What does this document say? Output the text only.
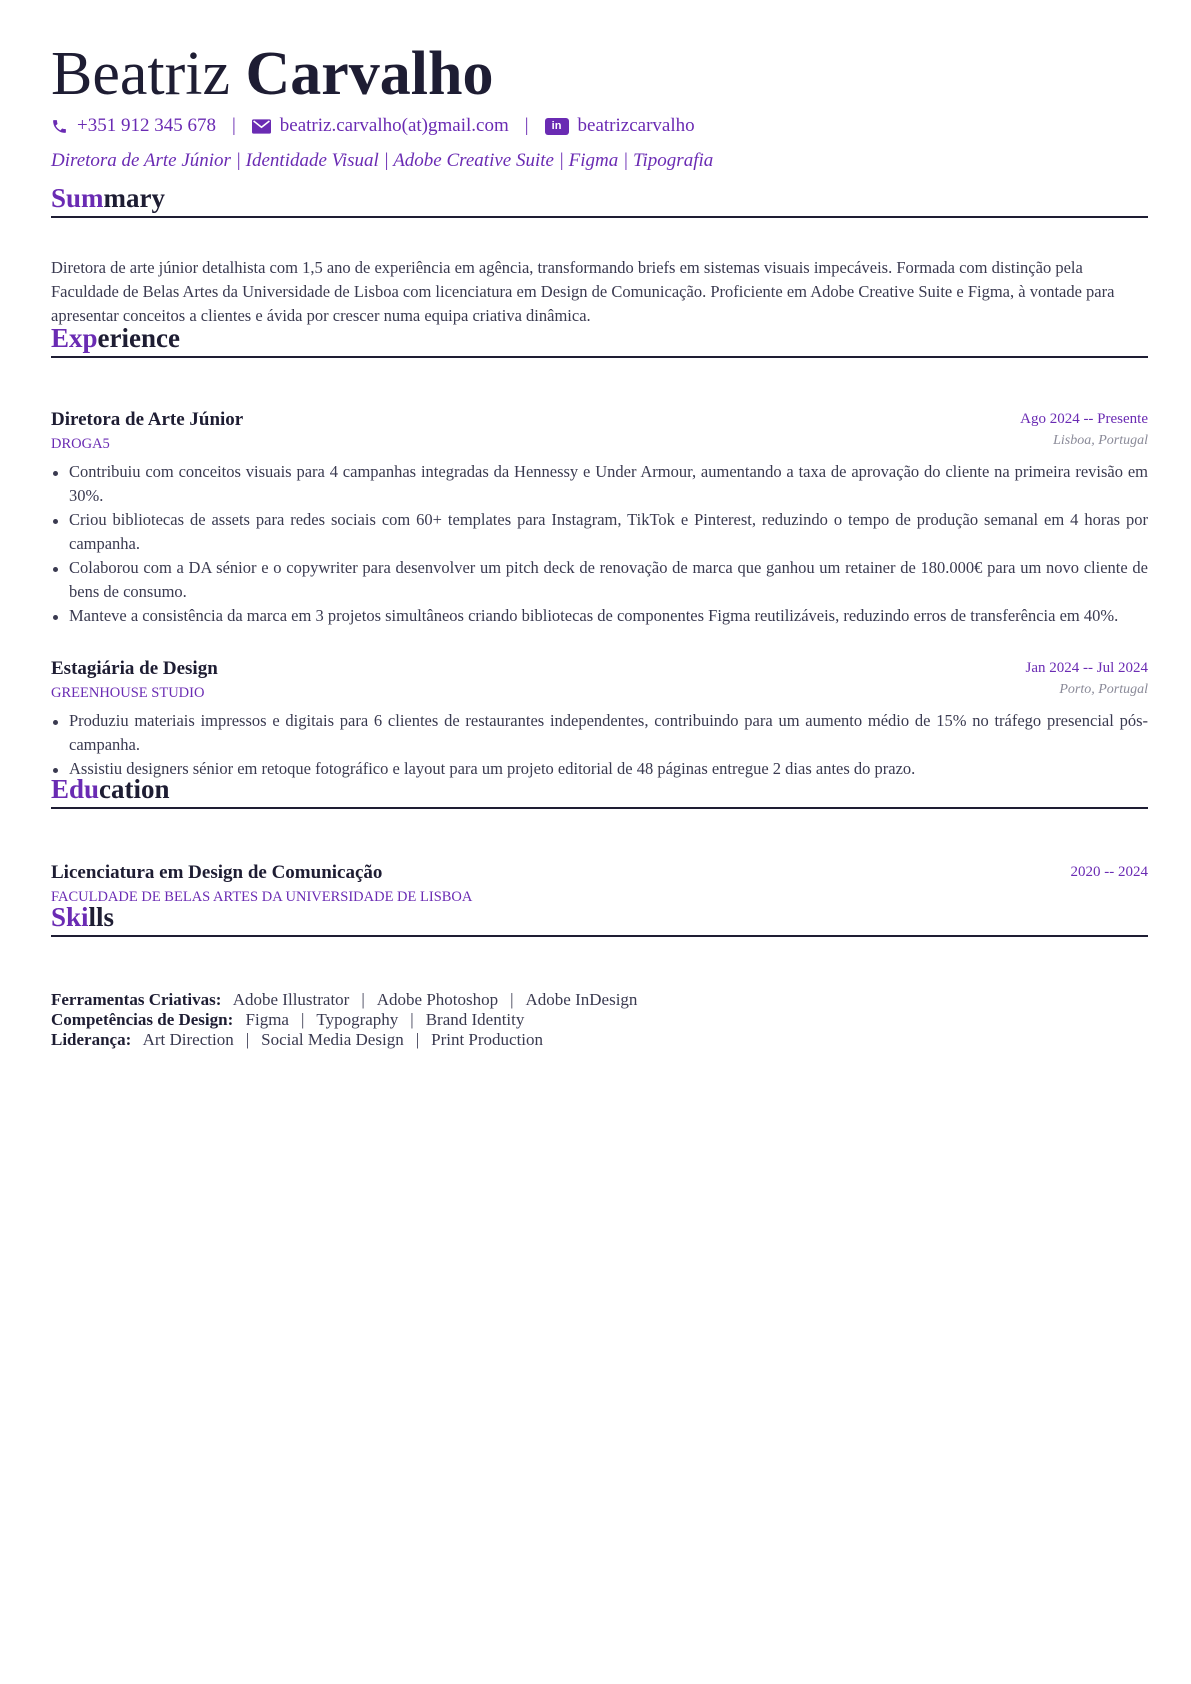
Beatriz Carvalho
+351 912 345 678 | beatriz.carvalho(at)gmail.com |	in beatrizcarvalho
Diretora de Arte Júnior | Identidade Visual | Adobe Creative Suite | Figma | Tipografia
Summary

Diretora de arte júnior detalhista com 1,5 ano de experiência em agência, transformando briefs em sistemas visuais impecáveis. Formada com distinção pela Faculdade de Belas Artes da Universidade de Lisboa com licenciatura em Design de Comunicação. Proficiente em Adobe Creative Suite e Figma, à vontade para apresentar conceitos a clientes e ávida por crescer numa equipa criativa dinâmica.

Experience
Diretora de Arte Júnior	Ago 2024 -- Presente
DROGA5	Lisboa, Portugal
Contribuiu com conceitos visuais para 4 campanhas integradas da Hennessy e Under Armour, aumentando a taxa de aprovação do cliente na primeira revisão em 30%.
Criou bibliotecas de assets para redes sociais com 60+ templates para Instagram, TikTok e Pinterest, reduzindo o tempo de produção semanal em 4 horas por campanha.
Colaborou com a DA sénior e o copywriter para desenvolver um pitch deck de renovação de marca que ganhou um retainer de 180.000€ para um novo cliente de bens de consumo.
Manteve a consistência da marca em 3 projetos simultâneos criando bibliotecas de componentes Figma reutilizáveis, reduzindo erros de transferência em 40%.
Estagiária de Design	Jan 2024 -- Jul 2024
GREENHOUSE STUDIO	Porto, Portugal
Produziu materiais impressos e digitais para 6 clientes de restaurantes independentes, contribuindo para um aumento médio de 15% no tráfego presencial pós-campanha.
Assistiu designers sénior em retoque fotográfico e layout para um projeto editorial de 48 páginas entregue 2 dias antes do prazo.
Education
Licenciatura em Design de Comunicação	2020 -- 2024
FACULDADE DE BELAS ARTES DA UNIVERSIDADE DE LISBOA
Skills
Ferramentas Criativas: Adobe Illustrator | Adobe Photoshop | Adobe InDesign
Competências de Design: Figma | Typography | Brand Identity
Liderança: Art Direction | Social Media Design | Print Production
